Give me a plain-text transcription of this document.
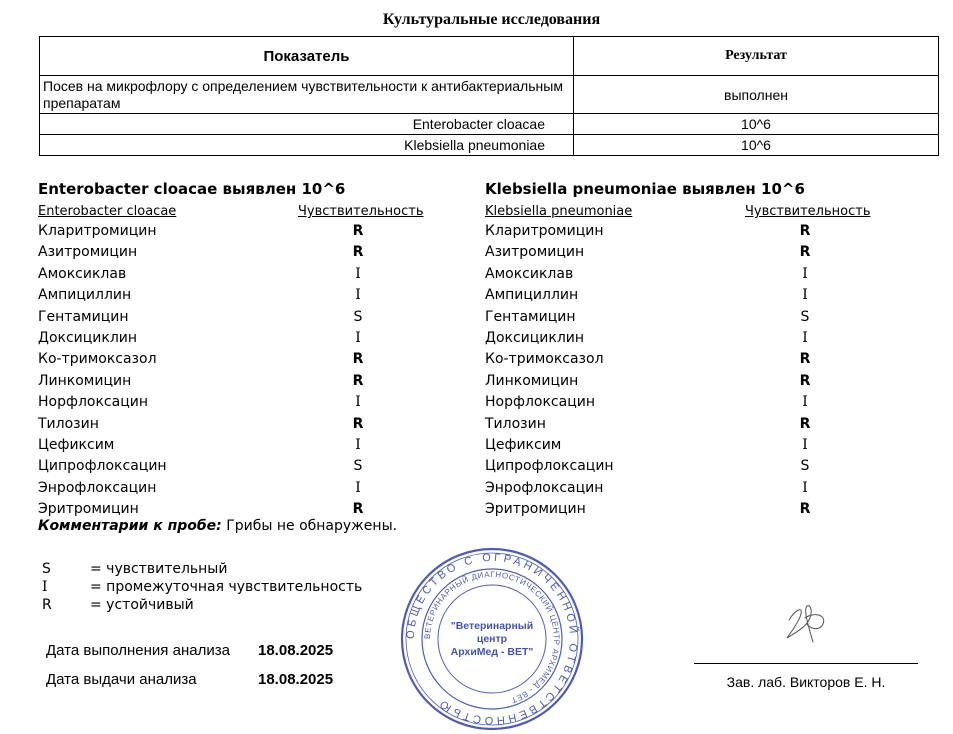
Культуральные исследования
Показатель	Результат
Посев на микрофлору с определением чувствительности к антибактериальным препаратам	выполнен
Enterobacter cloacae	10^6
Klebsiella pneumoniae	10^6
Enterobacter cloacae выявлен 10^6
Enterobacter cloacae	Чувствительность
Кларитромицин	R
Азитромицин	R
Амоксиклав	I
Ампициллин	I
Гентамицин	S
Доксициклин	I
Ко-тримоксазол	R
Линкомицин	R
Норфлоксацин	I
Тилозин	R
Цефиксим	I
Ципрофлоксацин	S
Энрофлоксацин	I
Эритромицин	R
Klebsiella pneumoniae выявлен 10^6
Klebsiella pneumoniae	Чувствительность
Кларитромицин	R
Азитромицин	R
Амоксиклав	I
Ампициллин	I
Гентамицин	S
Доксициклин	I
Ко-тримоксазол	R
Линкомицин	R
Норфлоксацин	I
Тилозин	R
Цефиксим	I
Ципрофлоксацин	S
Энрофлоксацин	I
Эритромицин	R
Комментарии к пробе: Грибы не обнаружены.
S	= чувствительный
I	= промежуточная чувствительность
R	= устойчивый
Дата выполнения анализа 18.08.2025
Дата выдачи анализа	18.08.2025
ОБЩЕСТВО С ОГРАНИЧЕННОЙ ОТВЕТСТВЕННОСТЬЮ
ВЕТЕРИНАРНЫЙ ДИАГНОСТИЧЕСКИЙ ЦЕНТР АРХИМЕД - ВЕТ
"Ветеринарный центр АрхиМед - ВЕТ"
Зав. лаб. Викторов Е. Н.
